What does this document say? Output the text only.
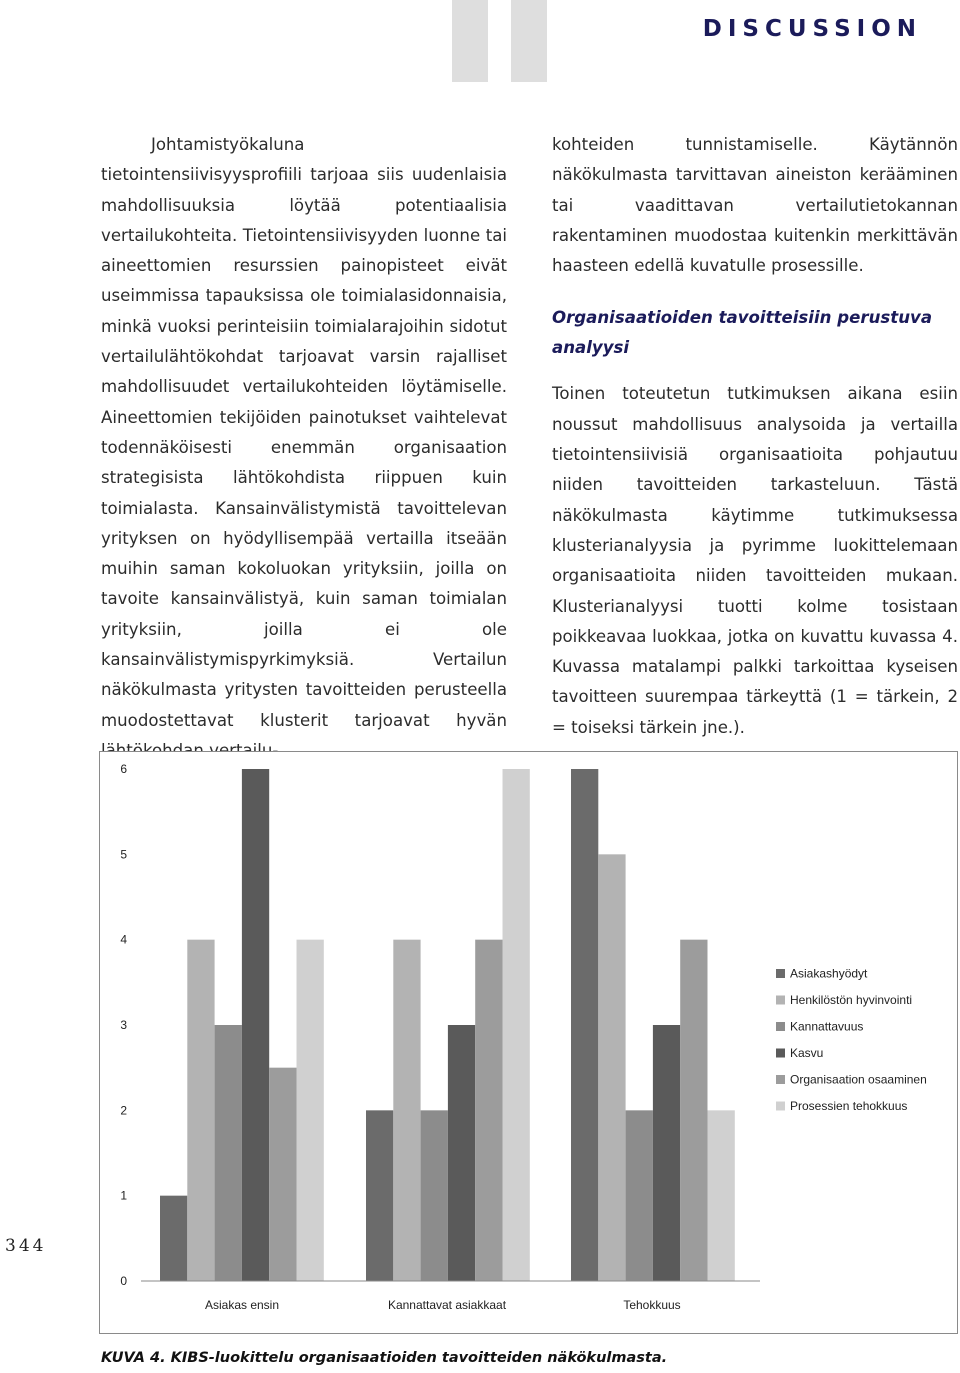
DISCUSSION

Johtamistyökaluna tietointensiivisyysprofiili tarjoaa siis uudenlaisia mahdollisuuksia löytää potentiaalisia vertailukohteita. Tietointensiivisyyden luonne tai aineettomien resurssien painopisteet eivät useimmissa tapauksissa ole toimialasidonnaisia, minkä vuoksi perinteisiin toimialarajoihin sidotut vertailulähtökohdat tarjoavat varsin rajalliset mahdollisuudet vertailukohteiden löytämiselle. Aineettomien tekijöiden painotukset vaihtelevat todennäköisesti enemmän organisaation strategisista lähtökohdista riippuen kuin toimialasta. Kansainvälistymistä tavoittelevan yrityksen on hyödyllisempää vertailla itseään muihin saman kokoluokan yrityksiin, joilla on tavoite kansainvälistyä, kuin saman toimialan yrityksiin, joilla ei ole kansainvälistymispyrkimyksiä. Vertailun näkökulmasta yritysten tavoitteiden perusteella muodostettavat klusterit tarjoavat hyvän

kohteiden tunnistamiselle. Käytännön näkökulmasta tarvittavan aineiston kerääminen tai vaadittavan vertailutietokannan rakentaminen muodostaa kuitenkin merkittävän haasteen edellä kuvatulle prosessille.

Organisaatioiden tavoitteisiin perustuva analyysi

Toinen toteutetun tutkimuksen aikana esiin noussut mahdollisuus analysoida ja vertailla tietointensiivisiä organisaatioita pohjautuu niiden tavoitteiden tarkasteluun. Tästä näkökulmasta käytimme tutkimuksessa klusterianalyysia ja pyrimme luokittelemaan organisaatioita niiden tavoitteiden mukaan. Klusterianalyysi tuotti kolme tosistaan poikkeavaa luokkaa, jotka on kuvattu kuvassa 4. Kuvassa matalampi palkki tarkoittaa kyseisen tavoitteen suurempaa tärkeyttä (1 = tärkein, 2 = toiseksi tärkein jne.).

0
1
2
3
4
5
6
Asiakas ensin	Kannattavat asiakkaat	Tehokkuus
Asiakashyödyt
Henkilöstön hyvinvointi
Kannattavuus
Kasvu
Organisaation osaaminen
Prosessien tehokkuus
344
KUVA 4. KIBS-luokittelu organisaatioiden tavoitteiden näkökulmasta.
